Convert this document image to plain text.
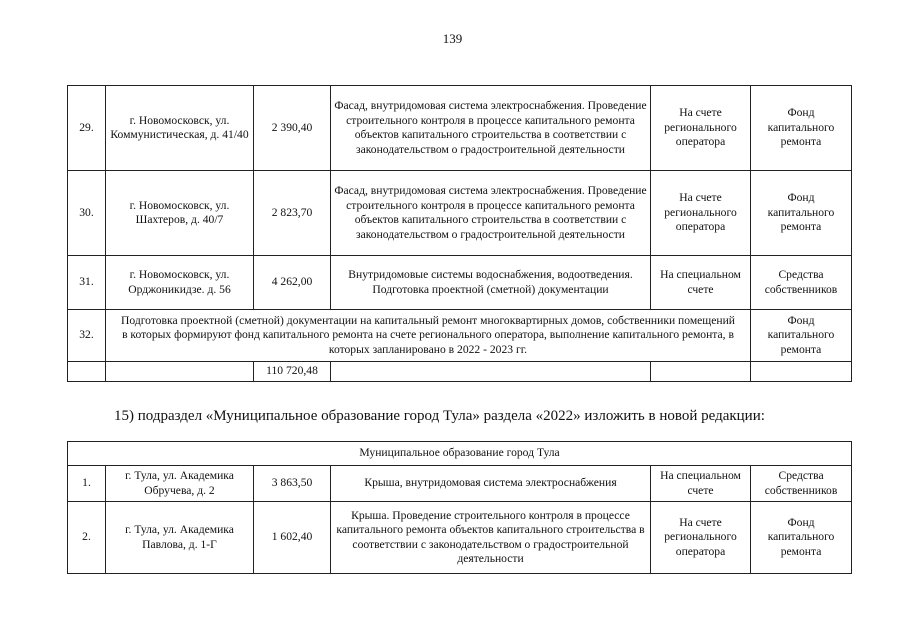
139
29.	г. Новомосковск, ул. Коммунистическая, д. 41/40	2 390,40	Фасад, внутридомовая система электроснабжения. Проведение строительного контроля в процессе капитального ремонта объектов капитального строительства в соответствии с законодательством о градостроительной деятельности	На счете регионального оператора	Фонд капитального ремонта
30.	г. Новомосковск, ул. Шахтеров, д. 40/7	2 823,70	Фасад, внутридомовая система электроснабжения. Проведение строительного контроля в процессе капитального ремонта объектов капитального строительства в соответствии с законодательством о градостроительной деятельности	На счете регионального оператора	Фонд капитального ремонта
31.	г. Новомосковск, ул. Орджоникидзе. д. 56	4 262,00	Внутридомовые системы водоснабжения, водоотведения. Подготовка проектной (сметной) документации	На специальном счете	Средства собственников
32.	Подготовка проектной (сметной) документации на капитальный ремонт многоквартирных домов, собственники помещений в которых формируют фонд капитального ремонта на счете регионального оператора, выполнение капитального ремонта, в которых запланировано в 2022 - 2023 гг.				Фонд капитального ремонта
		110 720,48			
15) подраздел «Муниципальное образование город Тула» раздела «2022» изложить в новой редакции:
Муниципальное образование город Тула					
1.	г. Тула, ул. Академика Обручева, д. 2	3 863,50	Крыша, внутридомовая система электроснабжения	На специальном счете	Средства собственников
2.	г. Тула, ул. Академика Павлова, д. 1-Г	1 602,40	Крыша. Проведение строительного контроля в процессе капитального ремонта объектов капитального строительства в соответствии с законодательством о градостроительной деятельности	На счете регионального оператора	Фонд капитального ремонта
